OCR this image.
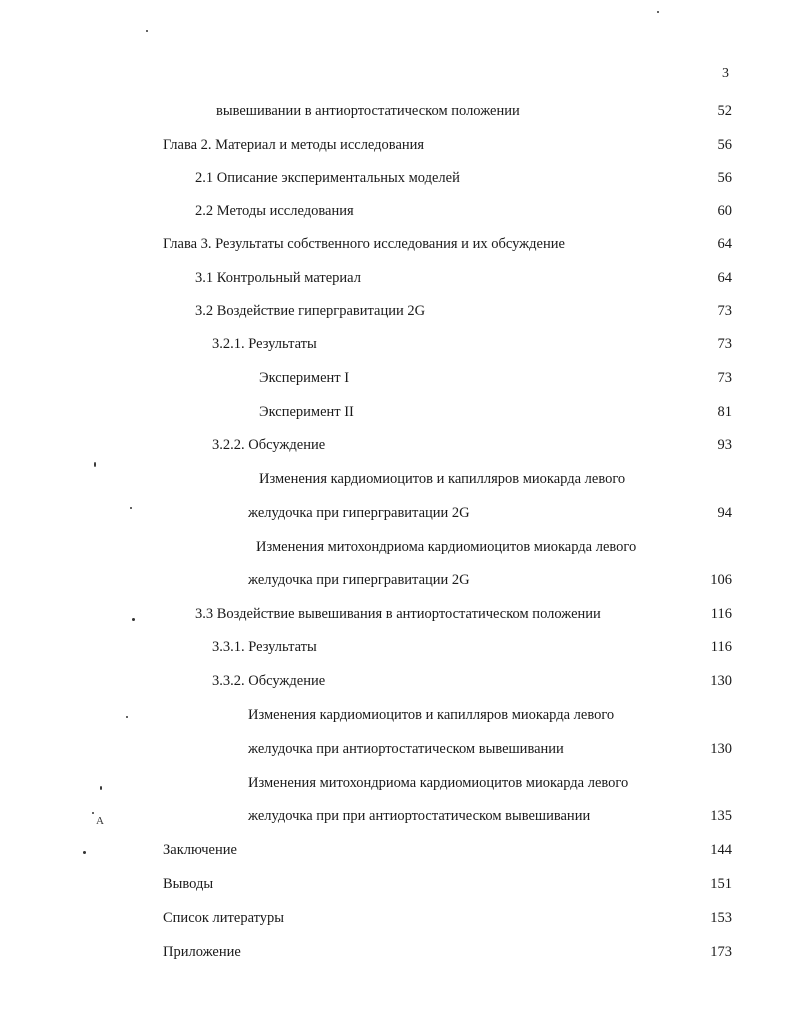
3
вывешивании в антиортостатическом положении	52
Глава 2. Материал и методы исследования	56
2.1 Описание экспериментальных моделей	56
2.2 Методы исследования	60
Глава 3. Результаты собственного исследования и их обсуждение	64
3.1 Контрольный материал	64
3.2 Воздействие гипергравитации 2G	73
3.2.1. Результаты	73
Эксперимент I	73
Эксперимент II	81
3.2.2. Обсуждение	93
Изменения кардиомиоцитов и капилляров миокарда левого
желудочка при гипергравитации 2G	94
Изменения митохондриома кардиомиоцитов миокарда левого
желудочка при гипергравитации 2G	106
3.3 Воздействие вывешивания в антиортостатическом положении	116
3.3.1. Результаты	116
3.3.2. Обсуждение	130
Изменения кардиомиоцитов и капилляров миокарда левого
желудочка при антиортостатическом вывешивании	130
Изменения митохондриома кардиомиоцитов миокарда левого
желудочка при при антиортостатическом вывешивании	135
Заключение	144
Выводы	151
Список литературы	153
Приложение	173
A
